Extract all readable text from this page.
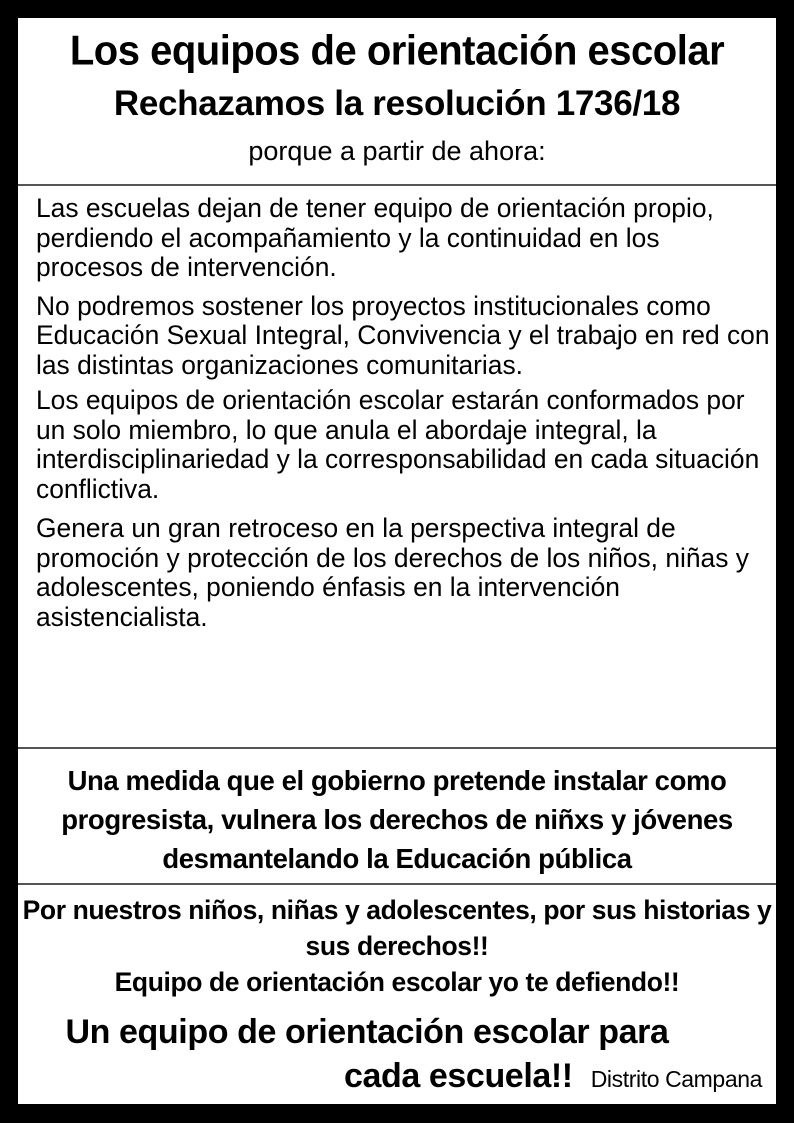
Los equipos de orientación escolar
Rechazamos la resolución 1736/18
porque a partir de ahora:

Las escuelas dejan de tener equipo de orientación propio, perdiendo el acompañamiento y la continuidad en los procesos de intervención.

No podremos sostener los proyectos institucionales como Educación Sexual Integral, Convivencia y el trabajo en red con las distintas organizaciones comunitarias.

Los equipos de orientación escolar estarán conformados por un solo miembro, lo que anula el abordaje integral, la interdisciplinariedad y la corresponsabilidad en cada situación conflictiva.

Genera un gran retroceso en la perspectiva integral de promoción y protección de los derechos de los niños, niñas y adolescentes, poniendo énfasis en la intervención asistencialista.

Una medida que el gobierno pretende instalar como progresista, vulnera los derechos de niñxs y jóvenes desmantelando la Educación pública
Por nuestros niños, niñas y adolescentes, por sus historias y sus derechos!!
Equipo de orientación escolar yo te defiendo!!
Un equipo de orientación escolar para
cada escuela!! Distrito Campana
